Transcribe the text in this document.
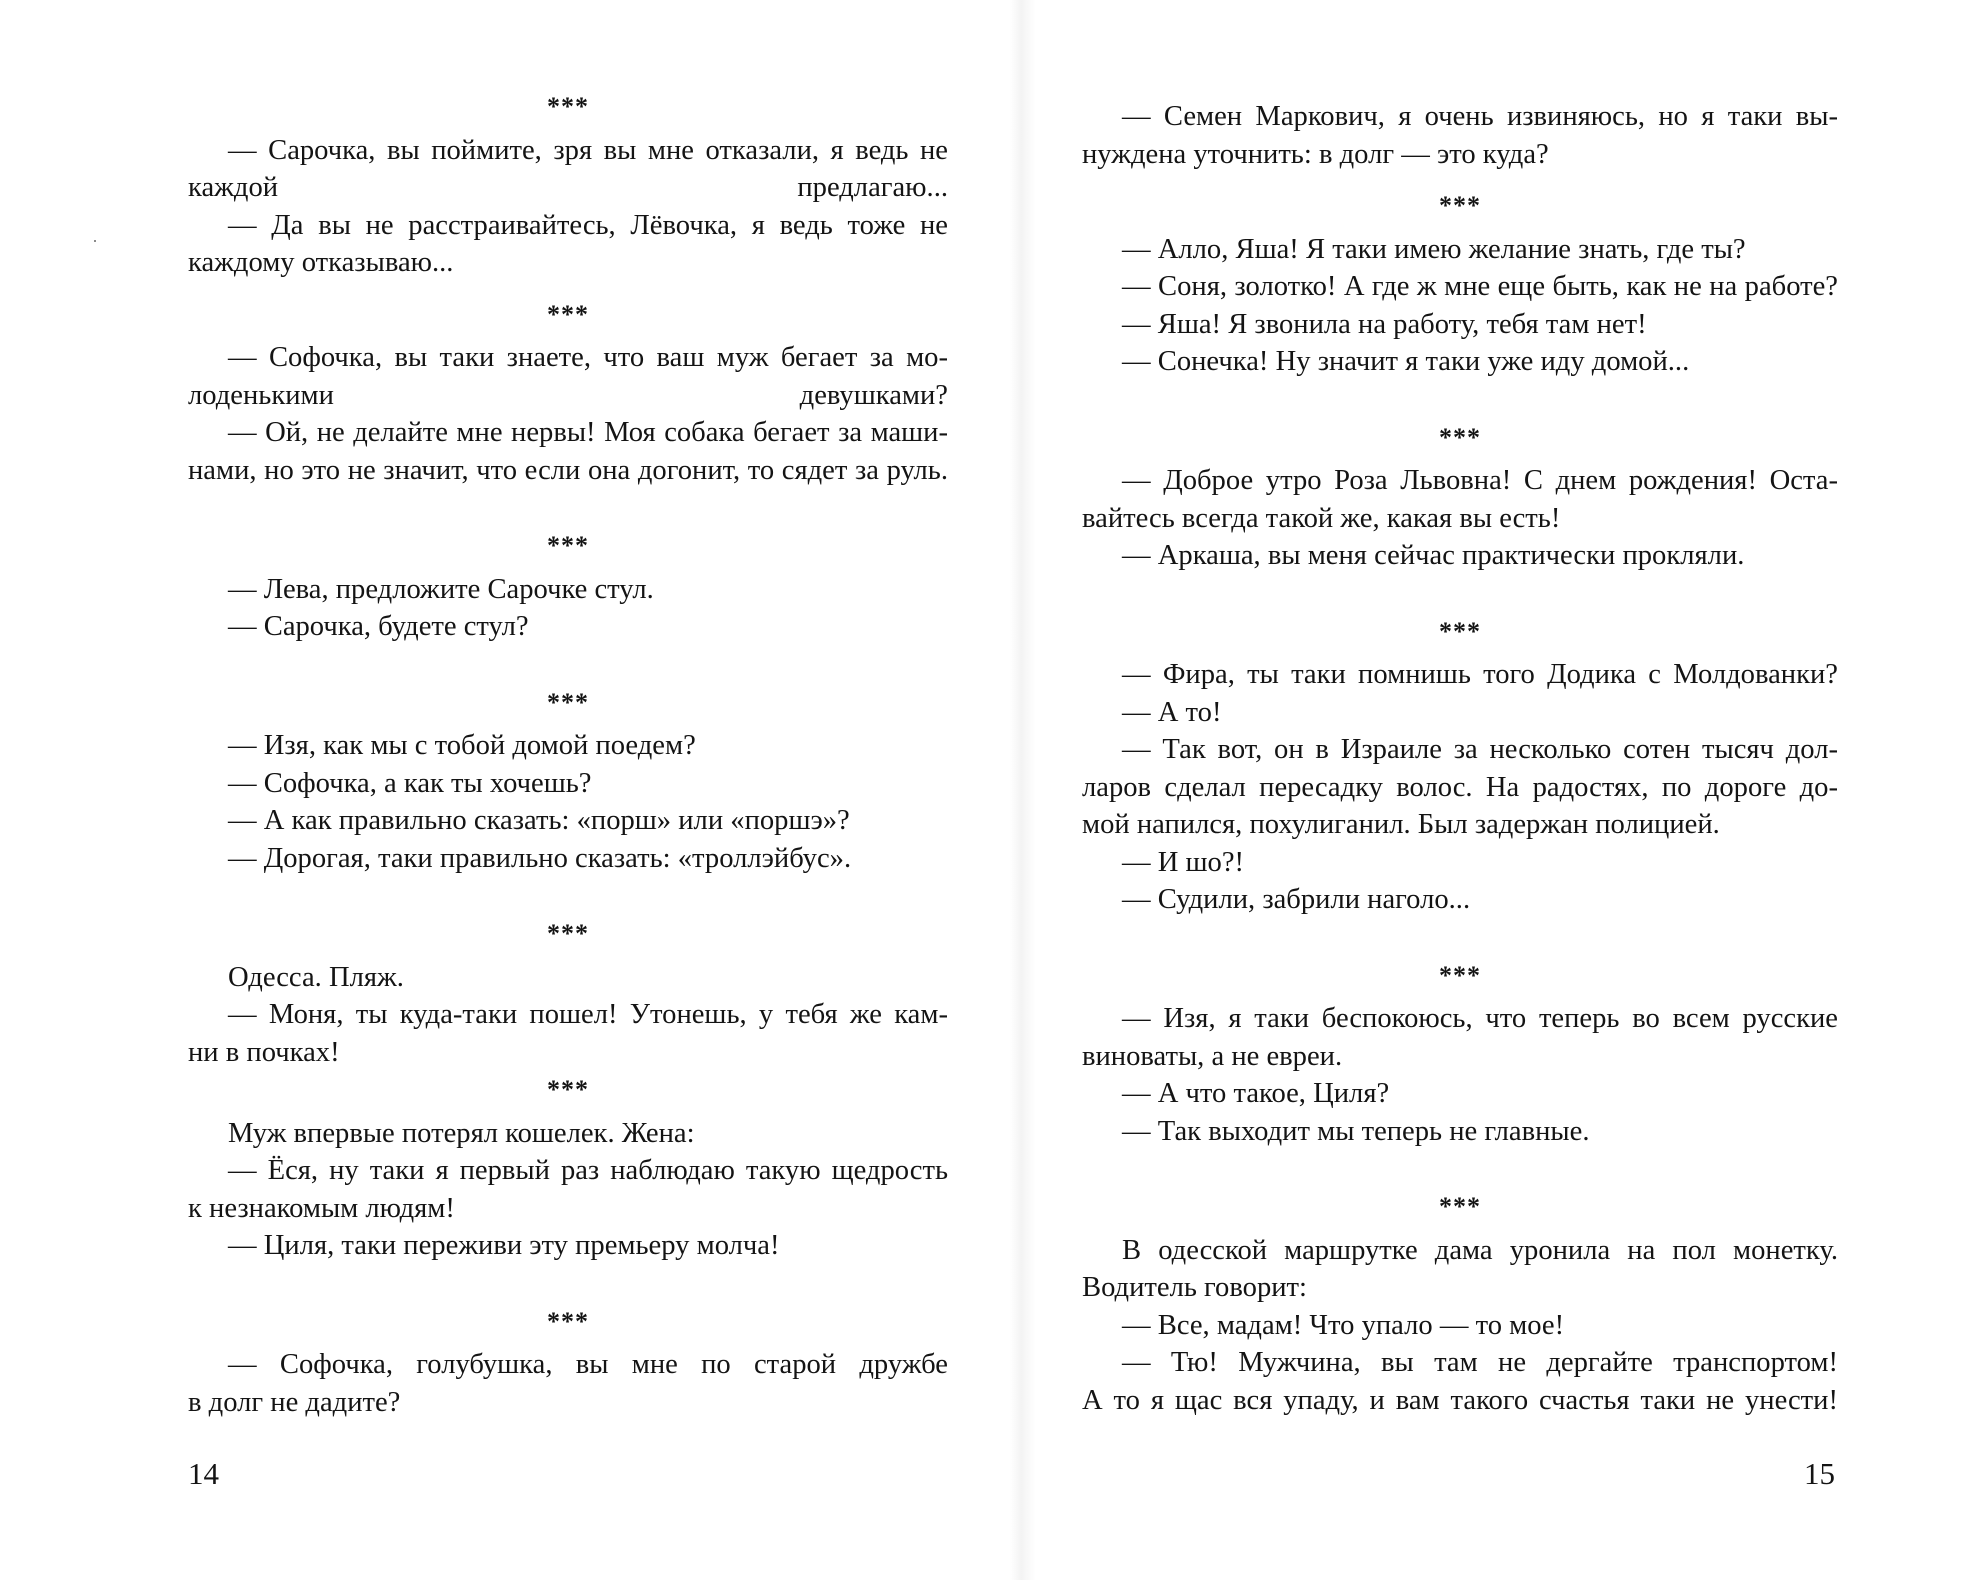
***
— Сарочка, вы поймите, зря вы мне отказали, я ведь не
каждой предлагаю...
— Да вы не расстраивайтесь, Лёвочка, я ведь тоже не
каждому отказываю...
***
— Софочка, вы таки знаете, что ваш муж бегает за мо-
лоденькими девушками?
— Ой, не делайте мне нервы! Моя собака бегает за маши-
нами, но это не значит, что если она догонит, то сядет за руль.
***
— Лева, предложите Сарочке стул.
— Сарочка, будете стул?
***
— Изя, как мы с тобой домой поедем?
— Софочка, а как ты хочешь?
— А как правильно сказать: «порш» или «поршэ»?
— Дорогая, таки правильно сказать: «троллэйбус».
***
Одесса. Пляж.
— Моня, ты куда-таки пошел! Утонешь, у тебя же кам-
ни в почках!
***
Муж впервые потерял кошелек. Жена:
— Ёся, ну таки я первый раз наблюдаю такую щедрость
к незнакомым людям!
— Циля, таки переживи эту премьеру молча!
***
— Софочка, голубушка, вы мне по старой дружбе
в долг не дадите?
14
— Семен Маркович, я очень извиняюсь, но я таки вы-
нуждена уточнить: в долг — это куда?
***
— Алло, Яша! Я таки имею желание знать, где ты?
— Соня, золотко! А где ж мне еще быть, как не на работе?
— Яша! Я звонила на работу, тебя там нет!
— Сонечка! Ну значит я таки уже иду домой...
***
— Доброе утро Роза Львовна! С днем рождения! Оста-
вайтесь всегда такой же, какая вы есть!
— Аркаша, вы меня сейчас практически прокляли.
***
— Фира, ты таки помнишь того Додика с Молдованки?
— А то!
— Так вот, он в Израиле за несколько сотен тысяч дол-
ларов сделал пересадку волос. На радостях, по дороге до-
мой напился, похулиганил. Был задержан полицией.
— И шо?!
— Судили, забрили наголо...
***
— Изя, я таки беспокоюсь, что теперь во всем русские
виноваты, а не евреи.
— А что такое, Циля?
— Так выходит мы теперь не главные.
***
В одесской маршрутке дама уронила на пол монетку.
Водитель говорит:
— Все, мадам! Что упало — то мое!
— Тю! Мужчина, вы там не дергайте транспортом!
А то я щас вся упаду, и вам такого счастья таки не унести!
15
